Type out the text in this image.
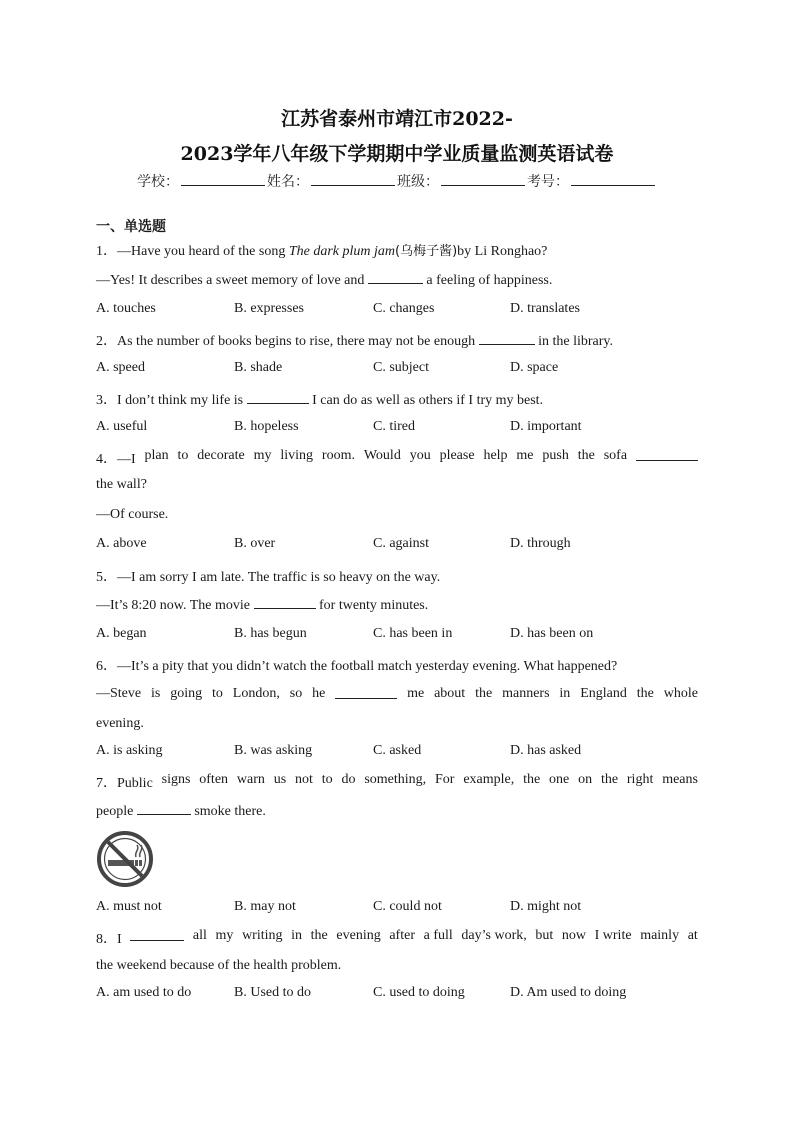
江苏省泰州市靖江市2022-
2023学年八年级下学期期中学业质量监测英语试卷
学校：	姓名：	班级：	考号：
一、单选题
1．—Have you heard of the song The dark plum jam(乌梅子酱)by Li Ronghao?
—Yes! It describes a sweet memory of love and	a feeling of happiness.
A. touches	B. expresses	C. changes	D. translates
2．As the number of books begins to rise, there may not be enough	in the library.
A. speed	B. shade	C. subject	D. space
3．I don’t think my life is	I can do as well as others if I try my best.
A. useful	B. hopeless	C. tired	D. important
4．—I plan to decorate my living room. Would you please help me push the sofa
the wall?
—Of course.
A. above	B. over	C. against	D. through
5．—I am sorry I am late. The traffic is so heavy on the way.
—It’s 8:20 now. The movie	for twenty minutes.
A. began	B. has begun	C. has been in	D. has been on
6．—It’s a pity that you didn’t watch the football match yesterday evening. What happened?
—Steve is going to London, so he	me about the manners in England the whole
evening.
A. is asking	B. was asking	C. asked	D. has asked
7．Public signs often warn us not to do something, For example, the one on the right means
people	smoke there.
A. must not	B. may not	C. could not	D. might not
8．I	all my writing in the evening after a full day’s work, but now I write mainly at
the weekend because of the health problem.
A. am used to do	B. Used to do	C. used to doing	D. Am used to doing
